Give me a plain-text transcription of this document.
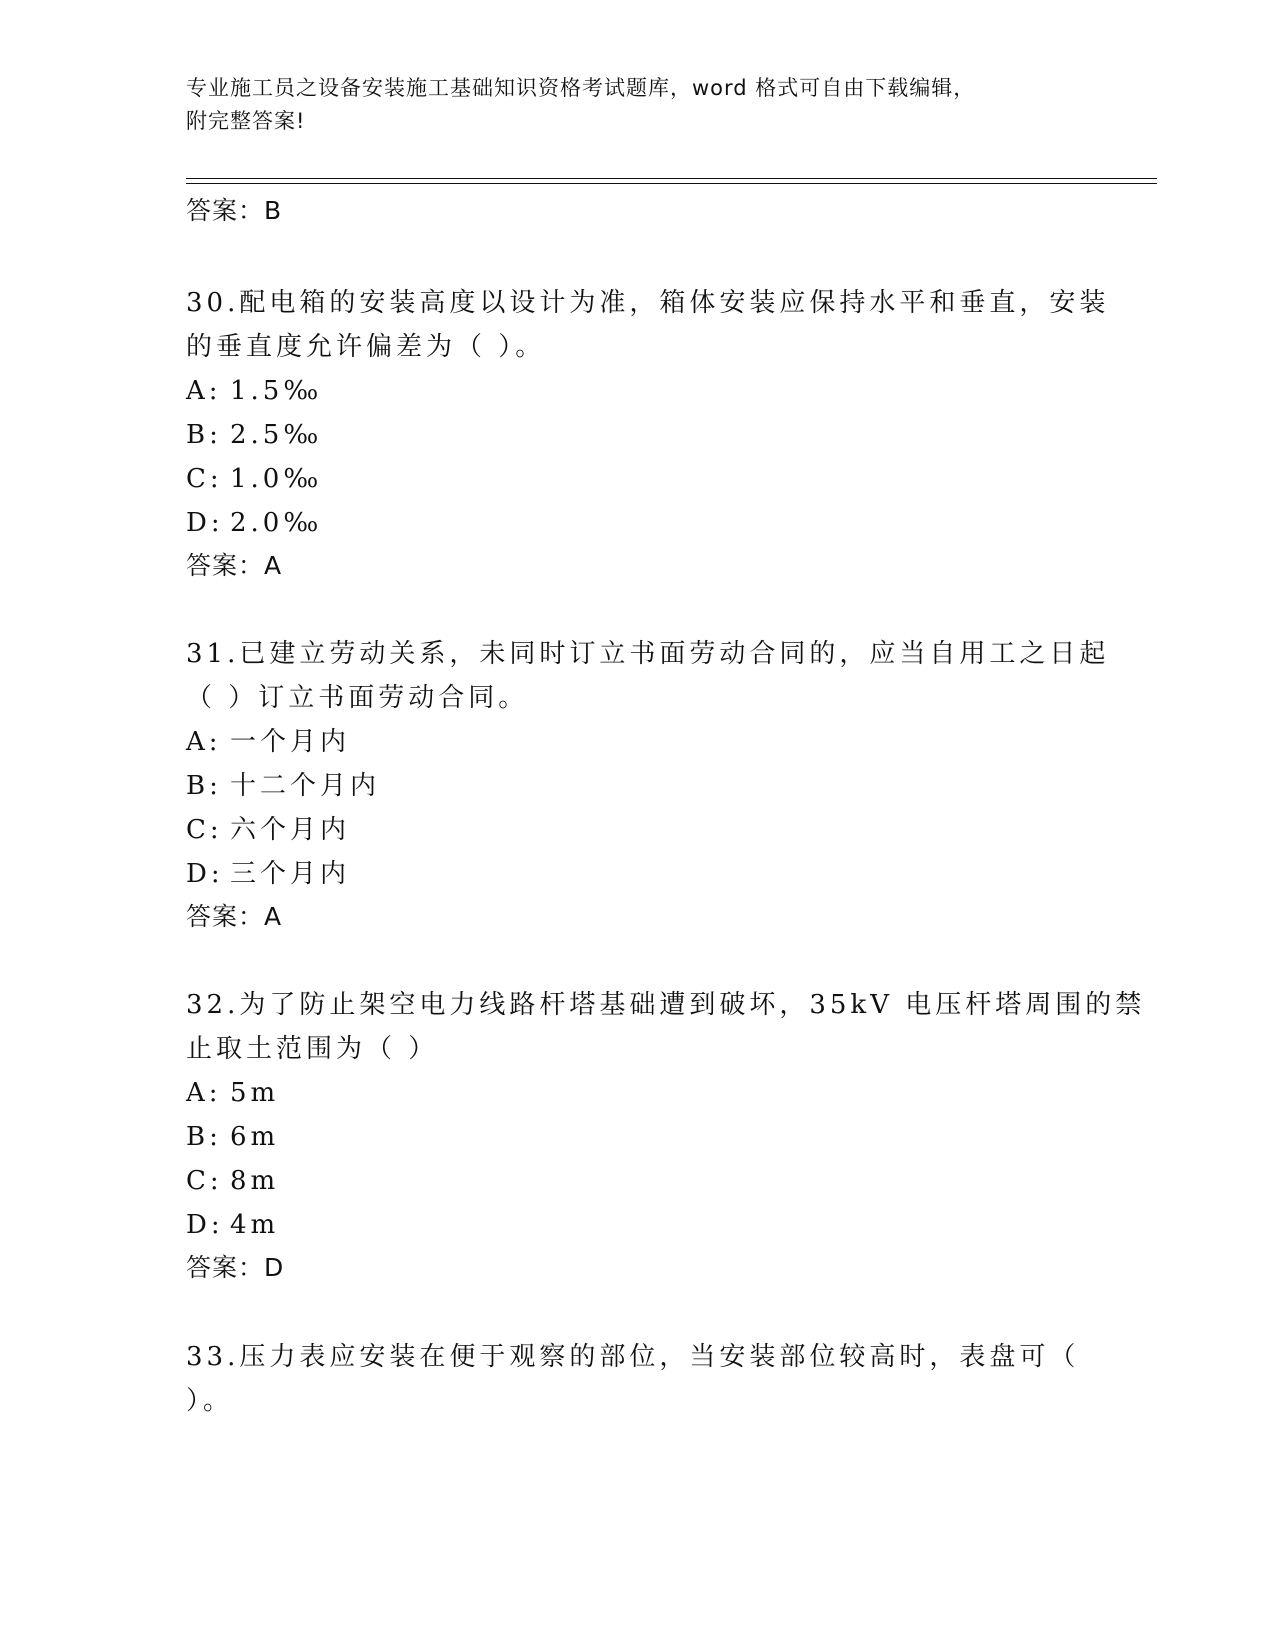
专业施工员之设备安装施工基础知识资格考试题库，word 格式可自由下载编辑，
附完整答案!
答案：B
30.配电箱的安装高度以设计为准，箱体安装应保持水平和垂直，安装
的垂直度允许偏差为（ ）。
A: 1.5‰
B: 2.5‰
C: 1.0‰
D: 2.0‰
答案：A
31.已建立劳动关系，未同时订立书面劳动合同的，应当自用工之日起
（ ）订立书面劳动合同。
A: 一个月内
B: 十二个月内
C: 六个月内
D: 三个月内
答案：A
32.为了防止架空电力线路杆塔基础遭到破坏，35kV 电压杆塔周围的禁
止取土范围为（ ）
A: 5m
B: 6m
C: 8m
D: 4m
答案：D
33.压力表应安装在便于观察的部位，当安装部位较高时，表盘可（
）。
